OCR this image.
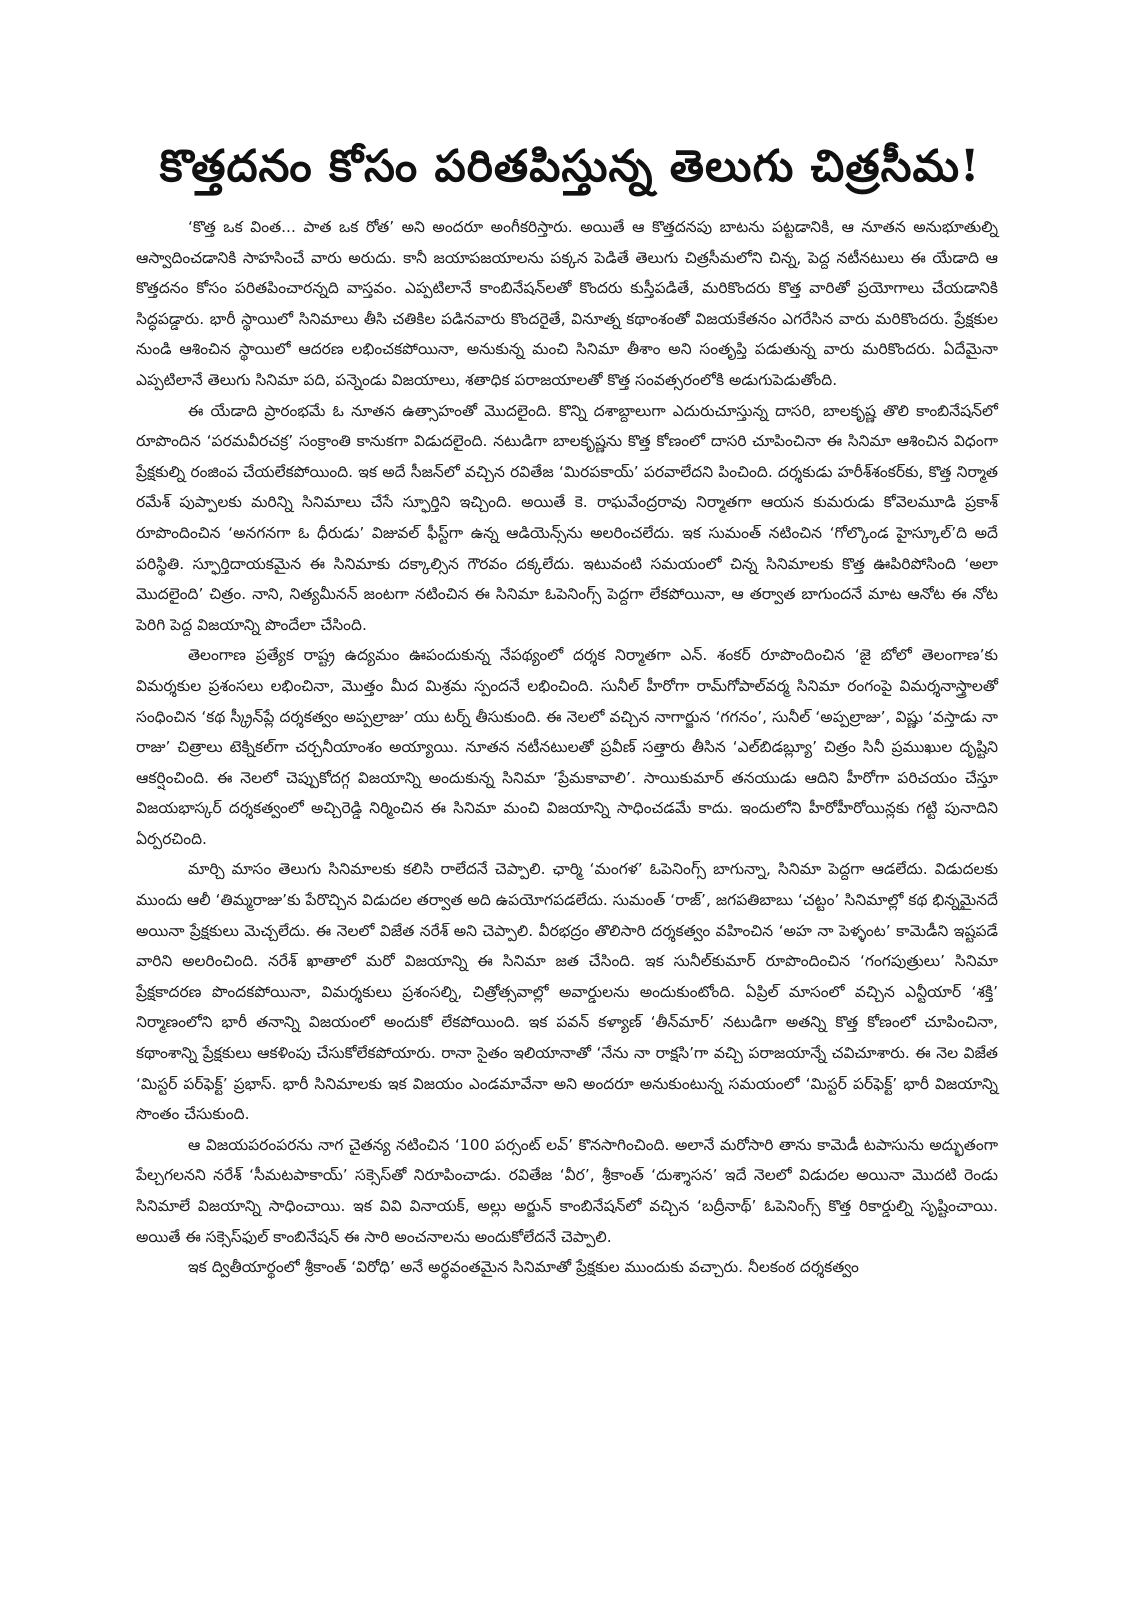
కొత్తదనం కోసం పరితపిస్తున్న తెలుగు చిత్రసీమ!

‘కొత్త ఒక వింత... పాత ఒక రోత’ అని అందరూ అంగీకరిస్తారు. అయితే ఆ కొత్తదనపు బాటను పట్టడానికి, ఆ నూతన అనుభూతుల్ని ఆస్వాదించడానికి సాహసించే వారు అరుదు. కానీ జయాపజయాలను పక్కన పెడితే తెలుగు చిత్రసీమలోని చిన్న, పెద్ద నటీనటులు ఈ యేడాది ఆ కొత్తదనం కోసం పరితపించారన్నది వాస్తవం. ఎప్పటిలానే కాంబినేషన్‌లతో కొందరు కుస్తీపడితే, మరికొందరు కొత్త వారితో ప్రయోగాలు చేయడానికి సిద్ధపడ్డారు. భారీ స్థాయిలో సినిమాలు తీసి చతికిల పడినవారు కొందరైతే, వినూత్న కథాంశంతో విజయకేతనం ఎగరేసిన వారు మరికొందరు. ప్రేక్షకుల నుండి ఆశించిన స్థాయిలో ఆదరణ లభించకపోయినా, అనుకున్న మంచి సినిమా తీశాం అని సంతృప్తి పడుతున్న వారు మరికొందరు. ఏదేమైనా ఎప్పటిలానే తెలుగు సినిమా పది, పన్నెండు విజయాలు, శతాధిక పరాజయాలతో కొత్త సంవత్సరంలోకి అడుగుపెడుతోంది.

ఈ యేడాది ప్రారంభమే ఓ నూతన ఉత్సాహంతో మొదలైంది. కొన్ని దశాబ్దాలుగా ఎదురుచూస్తున్న దాసరి, బాలకృష్ణ తొలి కాంబినేషన్‌లో రూపొందిన ‘పరమవీరచక్ర’ సంక్రాంతి కానుకగా విడుదలైంది. నటుడిగా బాలకృష్ణను కొత్త కోణంలో దాసరి చూపించినా ఈ సినిమా ఆశించిన విధంగా ప్రేక్షకుల్ని రంజింప చేయలేకపోయింది. ఇక అదే సీజన్‌లో వచ్చిన రవితేజ ‘మిరపకాయ్’ పరవాలేదని పించింది. దర్శకుడు హరీశ్‌శంకర్‌కు, కొత్త నిర్మాత రమేశ్ పుప్పాలకు మరిన్ని సినిమాలు చేసే స్ఫూర్తిని ఇచ్చింది. అయితే కె. రాఘవేంద్రరావు నిర్మాతగా ఆయన కుమరుడు కోవెలమూడి ప్రకాశ్ రూపొందించిన ‘అనగనగా ఓ ధీరుడు’ విజువల్ ఫీస్ట్‌గా ఉన్న ఆడియెన్స్‌ను అలరించలేదు. ఇక సుమంత్ నటించిన ‘గోల్కొండ హైస్కూల్’ది అదే పరిస్థితి. స్ఫూర్తిదాయకమైన ఈ సినిమాకు దక్కాల్సిన గౌరవం దక్కలేదు. ఇటువంటి సమయంలో చిన్న సినిమాలకు కొత్త ఊపిరిపోసింది ‘అలా మొదలైంది’ చిత్రం. నాని, నిత్యమీనన్ జంటగా నటించిన ఈ సినిమా ఓపెనింగ్స్ పెద్దగా లేకపోయినా, ఆ తర్వాత బాగుందనే మాట ఆనోట ఈ నోట పెరిగి పెద్ద విజయాన్ని పొందేలా చేసింది.

తెలంగాణ ప్రత్యేక రాష్ట్ర ఉద్యమం ఊపందుకున్న నేపథ్యంలో దర్శక నిర్మాతగా ఎన్. శంకర్ రూపొందించిన ‘జై బోలో తెలంగాణ’కు విమర్శకుల ప్రశంసలు లభించినా, మొత్తం మీద మిశ్రమ స్పందనే లభించింది. సునీల్ హీరోగా రామ్‌గోపాల్‌వర్మ సినిమా రంగంపై విమర్శనాస్త్రాలతో సంధించిన ‘కథ స్క్రీన్‌ప్లే దర్శకత్వం అప్పల్రాజు’ యు టర్న్ తీసుకుంది. ఈ నెలలో వచ్చిన నాగార్జున ‘గగనం’, సునీల్ ‘అప్పల్రాజు’, విష్ణు ‘వస్తాడు నా రాజు’ చిత్రాలు టెక్నికల్‌గా చర్చనీయాంశం అయ్యాయి. నూతన నటీనటులతో ప్రవీణ్ సత్తారు తీసిన ‘ఎల్‌బిడబ్ల్యూ’ చిత్రం సినీ ప్రముఖుల దృష్టిని ఆకర్షించింది. ఈ నెలలో చెప్పుకోదగ్గ విజయాన్ని అందుకున్న సినిమా ‘ప్రేమకావాలి’. సాయికుమార్ తనయుడు ఆదిని హీరోగా పరిచయం చేస్తూ విజయభాస్కర్ దర్శకత్వంలో అచ్చిరెడ్డి నిర్మించిన ఈ సినిమా మంచి విజయాన్ని సాధించడమే కాదు. ఇందులోని హీరోహీరోయిన్లకు గట్టి పునాదిని ఏర్పరచింది.

మార్చి మాసం తెలుగు సినిమాలకు కలిసి రాలేదనే చెప్పాలి. ఛార్మి ‘మంగళ’ ఓపెనింగ్స్ బాగున్నా, సినిమా పెద్దగా ఆడలేదు. విడుదలకు ముందు ఆలీ ‘తిమ్మరాజు’కు పేరొచ్చిన విడుదల తర్వాత అది ఉపయోగపడలేదు. సుమంత్ ‘రాజ్’, జగపతిబాబు ‘చట్టం’ సినిమాల్లో కథ భిన్నమైనదే అయినా ప్రేక్షకులు మెచ్చలేదు. ఈ నెలలో విజేత నరేశ్ అని చెప్పాలి. వీరభద్రం తొలిసారి దర్శకత్వం వహించిన ‘అహ నా పెళ్ళంట’ కామెడీని ఇష్టపడే వారిని అలరించింది. నరేశ్ ఖాతాలో మరో విజయాన్ని ఈ సినిమా జత చేసింది. ఇక సునీల్‌కుమార్ రూపొందించిన ‘గంగపుత్రులు’ సినిమా ప్రేక్షకాదరణ పొందకపోయినా, విమర్శకులు ప్రశంసల్ని, చిత్రోత్సవాల్లో అవార్డులను అందుకుంటోంది. ఏప్రిల్ మాసంలో వచ్చిన ఎన్టీయార్ ‘శక్తి’ నిర్మాణంలోని భారీ తనాన్ని విజయంలో అందుకో లేకపోయింది. ఇక పవన్ కళ్యాణ్ ‘తీన్‌మార్’ నటుడిగా అతన్ని కొత్త కోణంలో చూపించినా, కథాంశాన్ని ప్రేక్షకులు ఆకళింపు చేసుకోలేకపోయారు. రానా సైతం ఇలియానాతో ‘నేను నా రాక్షసి’గా వచ్చి పరాజయాన్నే చవిచూశారు. ఈ నెల విజేత ‘మిస్టర్ పర్‌ఫెక్ట్’ ప్రభాస్. భారీ సినిమాలకు ఇక విజయం ఎండమావేనా అని అందరూ అనుకుంటున్న సమయంలో ‘మిస్టర్ పర్‌ఫెక్ట్’ భారీ విజయాన్ని సొంతం చేసుకుంది.

ఆ విజయపరంపరను నాగ చైతన్య నటించిన ‘100 పర్సంట్ లవ్’ కొనసాగించింది. అలానే మరోసారి తాను కామెడీ టపాసును అద్భుతంగా పేల్చగలనని నరేశ్ ‘సీమటపాకాయ్’ సక్సెస్‌తో నిరూపించాడు. రవితేజ ‘వీర’, శ్రీకాంత్ ‘దుశ్శాసన’ ఇదే నెలలో విడుదల అయినా మొదటి రెండు సినిమాలే విజయాన్ని సాధించాయి. ఇక వివి వినాయక్, అల్లు అర్జున్ కాంబినేషన్‌లో వచ్చిన ‘బద్రీనాథ్’ ఓపెనింగ్స్ కొత్త రికార్డుల్ని సృష్టించాయి. అయితే ఈ సక్సెస్‌ఫుల్ కాంబినేషన్ ఈ సారి అంచనాలను అందుకోలేదనే చెప్పాలి.

ఇక ద్వితీయార్థంలో శ్రీకాంత్ ‘విరోధి’ అనే అర్థవంతమైన సినిమాతో ప్రేక్షకుల ముందుకు వచ్చారు. నీలకంఠ దర్శకత్వం
